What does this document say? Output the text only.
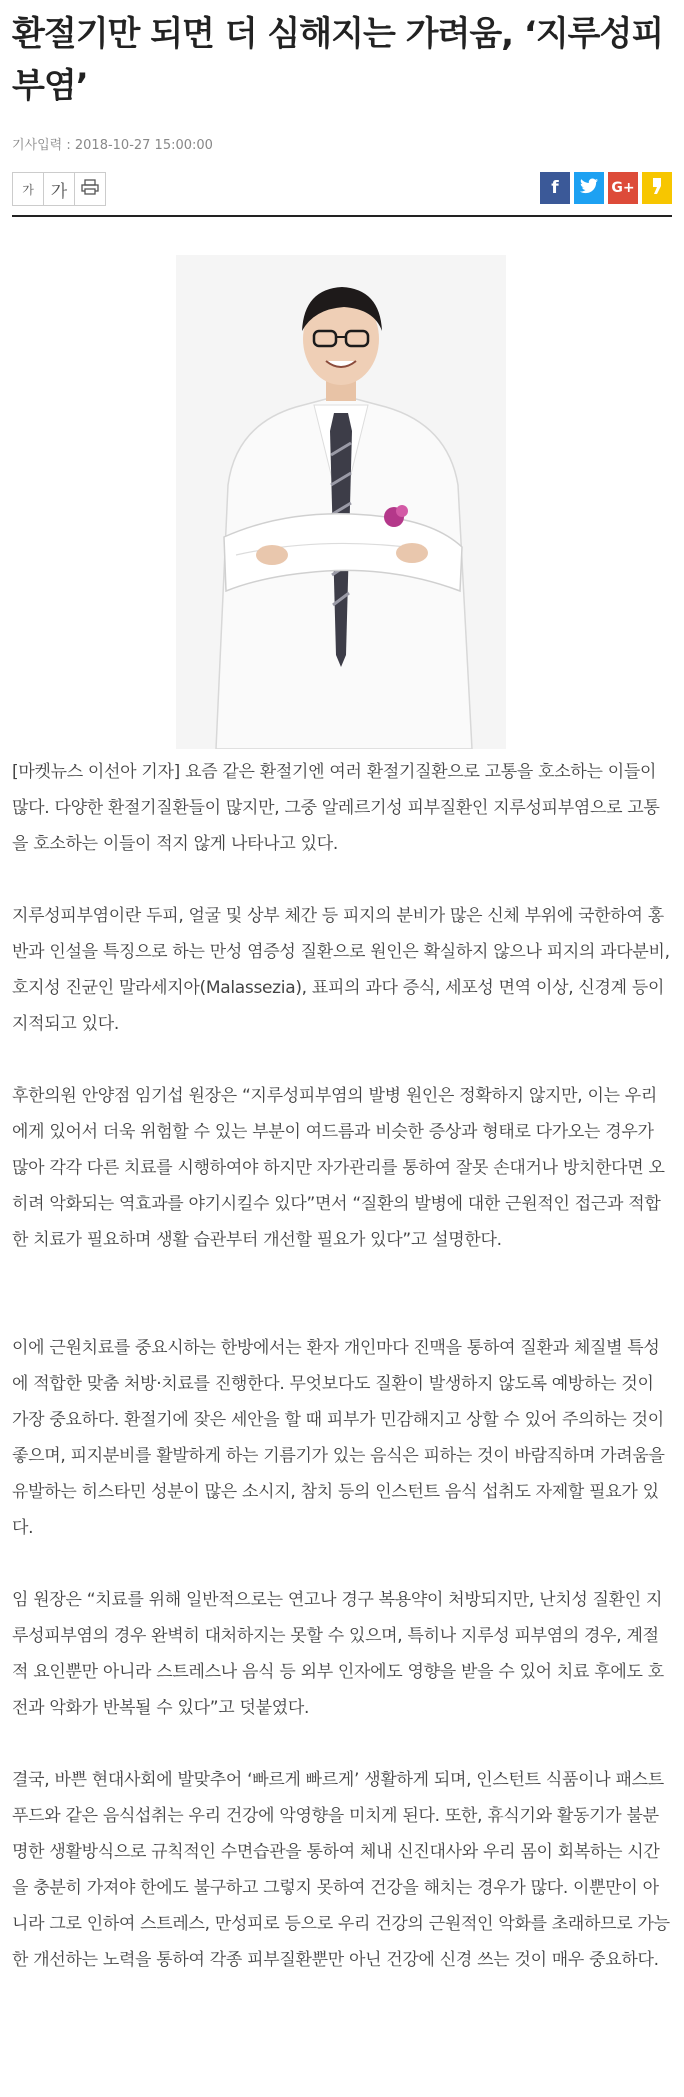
환절기만 되면 더 심해지는 가려움, ‘지루성피부염’
기사입력 : 2018-10-27 15:00:00
가 가	f	G+

[마켓뉴스 이선아 기자] 요즘 같은 환절기엔 여러 환절기질환으로 고통을 호소하는 이들이 많다. 다양한 환절기질환들이 많지만, 그중 알레르기성 피부질환인 지루성피부염으로 고통을 호소하는 이들이 적지 않게 나타나고 있다.

지루성피부염이란 두피, 얼굴 및 상부 체간 등 피지의 분비가 많은 신체 부위에 국한하여 홍반과 인설을 특징으로 하는 만성 염증성 질환으로 원인은 확실하지 않으나 피지의 과다분비, 호지성 진균인 말라세지아(Malassezia), 표피의 과다 증식, 세포성 면역 이상, 신경계 등이 지적되고 있다.

후한의원 안양점 임기섭 원장은 “지루성피부염의 발병 원인은 정확하지 않지만, 이는 우리에게 있어서 더욱 위험할 수 있는 부분이 여드름과 비슷한 증상과 형태로 다가오는 경우가 많아 각각 다른 치료를 시행하여야 하지만 자가관리를 통하여 잘못 손대거나 방치한다면 오히려 악화되는 역효과를 야기시킬수 있다”면서 “질환의 발병에 대한 근원적인 접근과 적합한 치료가 필요하며 생활 습관부터 개선할 필요가 있다”고 설명한다.

이에 근원치료를 중요시하는 한방에서는 환자 개인마다 진맥을 통하여 질환과 체질별 특성에 적합한 맞춤 처방·치료를 진행한다. 무엇보다도 질환이 발생하지 않도록 예방하는 것이 가장 중요하다. 환절기에 잦은 세안을 할 때 피부가 민감해지고 상할 수 있어 주의하는 것이 좋으며, 피지분비를 활발하게 하는 기름기가 있는 음식은 피하는 것이 바람직하며 가려움을 유발하는 히스타민 성분이 많은 소시지, 참치 등의 인스턴트 음식 섭취도 자제할 필요가 있다.

임 원장은 “치료를 위해 일반적으로는 연고나 경구 복용약이 처방되지만, 난치성 질환인 지루성피부염의 경우 완벽히 대처하지는 못할 수 있으며, 특히나 지루성 피부염의 경우, 계절적 요인뿐만 아니라 스트레스나 음식 등 외부 인자에도 영향을 받을 수 있어 치료 후에도 호전과 악화가 반복될 수 있다”고 덧붙였다.

결국, 바쁜 현대사회에 발맞추어 ‘빠르게 빠르게’ 생활하게 되며, 인스턴트 식품이나 패스트푸드와 같은 음식섭취는 우리 건강에 악영향을 미치게 된다. 또한, 휴식기와 활동기가 불분명한 생활방식으로 규칙적인 수면습관을 통하여 체내 신진대사와 우리 몸이 회복하는 시간을 충분히 가져야 한에도 불구하고 그렇지 못하여 건강을 해치는 경우가 많다. 이뿐만이 아니라 그로 인하여 스트레스, 만성피로 등으로 우리 건강의 근원적인 악화를 초래하므로 가능한 개선하는 노력을 통하여 각종 피부질환뿐만 아닌 건강에 신경 쓰는 것이 매우 중요하다.
